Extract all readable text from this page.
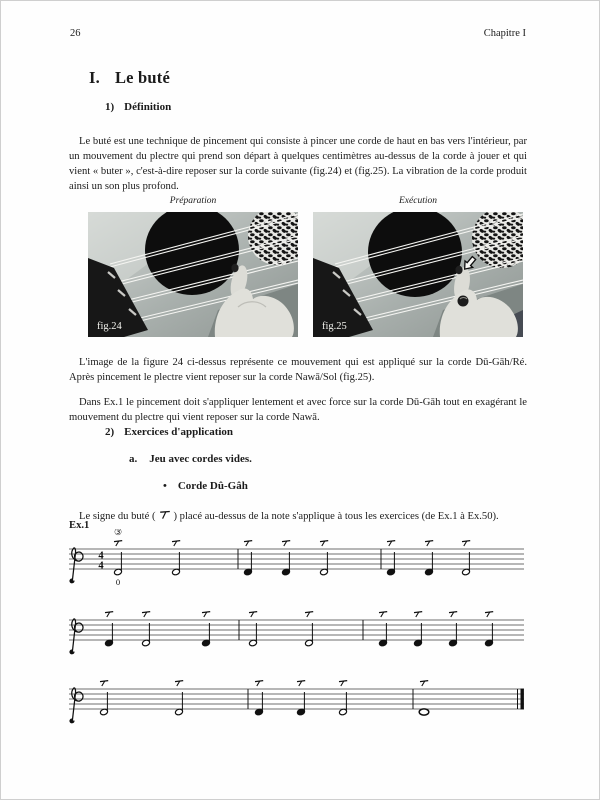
26	Chapitre I
I. Le buté
1) Définition

Le buté est une technique de pincement qui consiste à pincer une corde de haut en bas vers l'intérieur, par un mouvement du plectre qui prend son départ à quelques centimètres au-dessus de la corde à jouer et qui vient « buter », c'est-à-dire reposer sur la corde suivante (fig.24) et (fig.25). La vibration de la corde produit ainsi un son plus profond.

Préparation	Exécution
fig.24	fig.25

L'image de la figure 24 ci-dessus représente ce mouvement qui est appliqué sur la corde Dū-Gāh/Ré. Après pincement le plectre vient reposer sur la corde Nawā/Sol (fig.25).

Dans Ex.1 le pincement doit s'appliquer lentement et avec force sur la corde Dū-Gāh tout en exagérant le mouvement du plectre qui vient reposer sur la corde Nawā.

2) Exercices d'application
a. Jeu avec cordes vides.
• Corde Dû-Gâh

Le signe du buté ( ) placé au-dessus de la note s'applique à tous les exercices (de Ex.1 à Ex.50).

Ex.1
4
4
0
③
